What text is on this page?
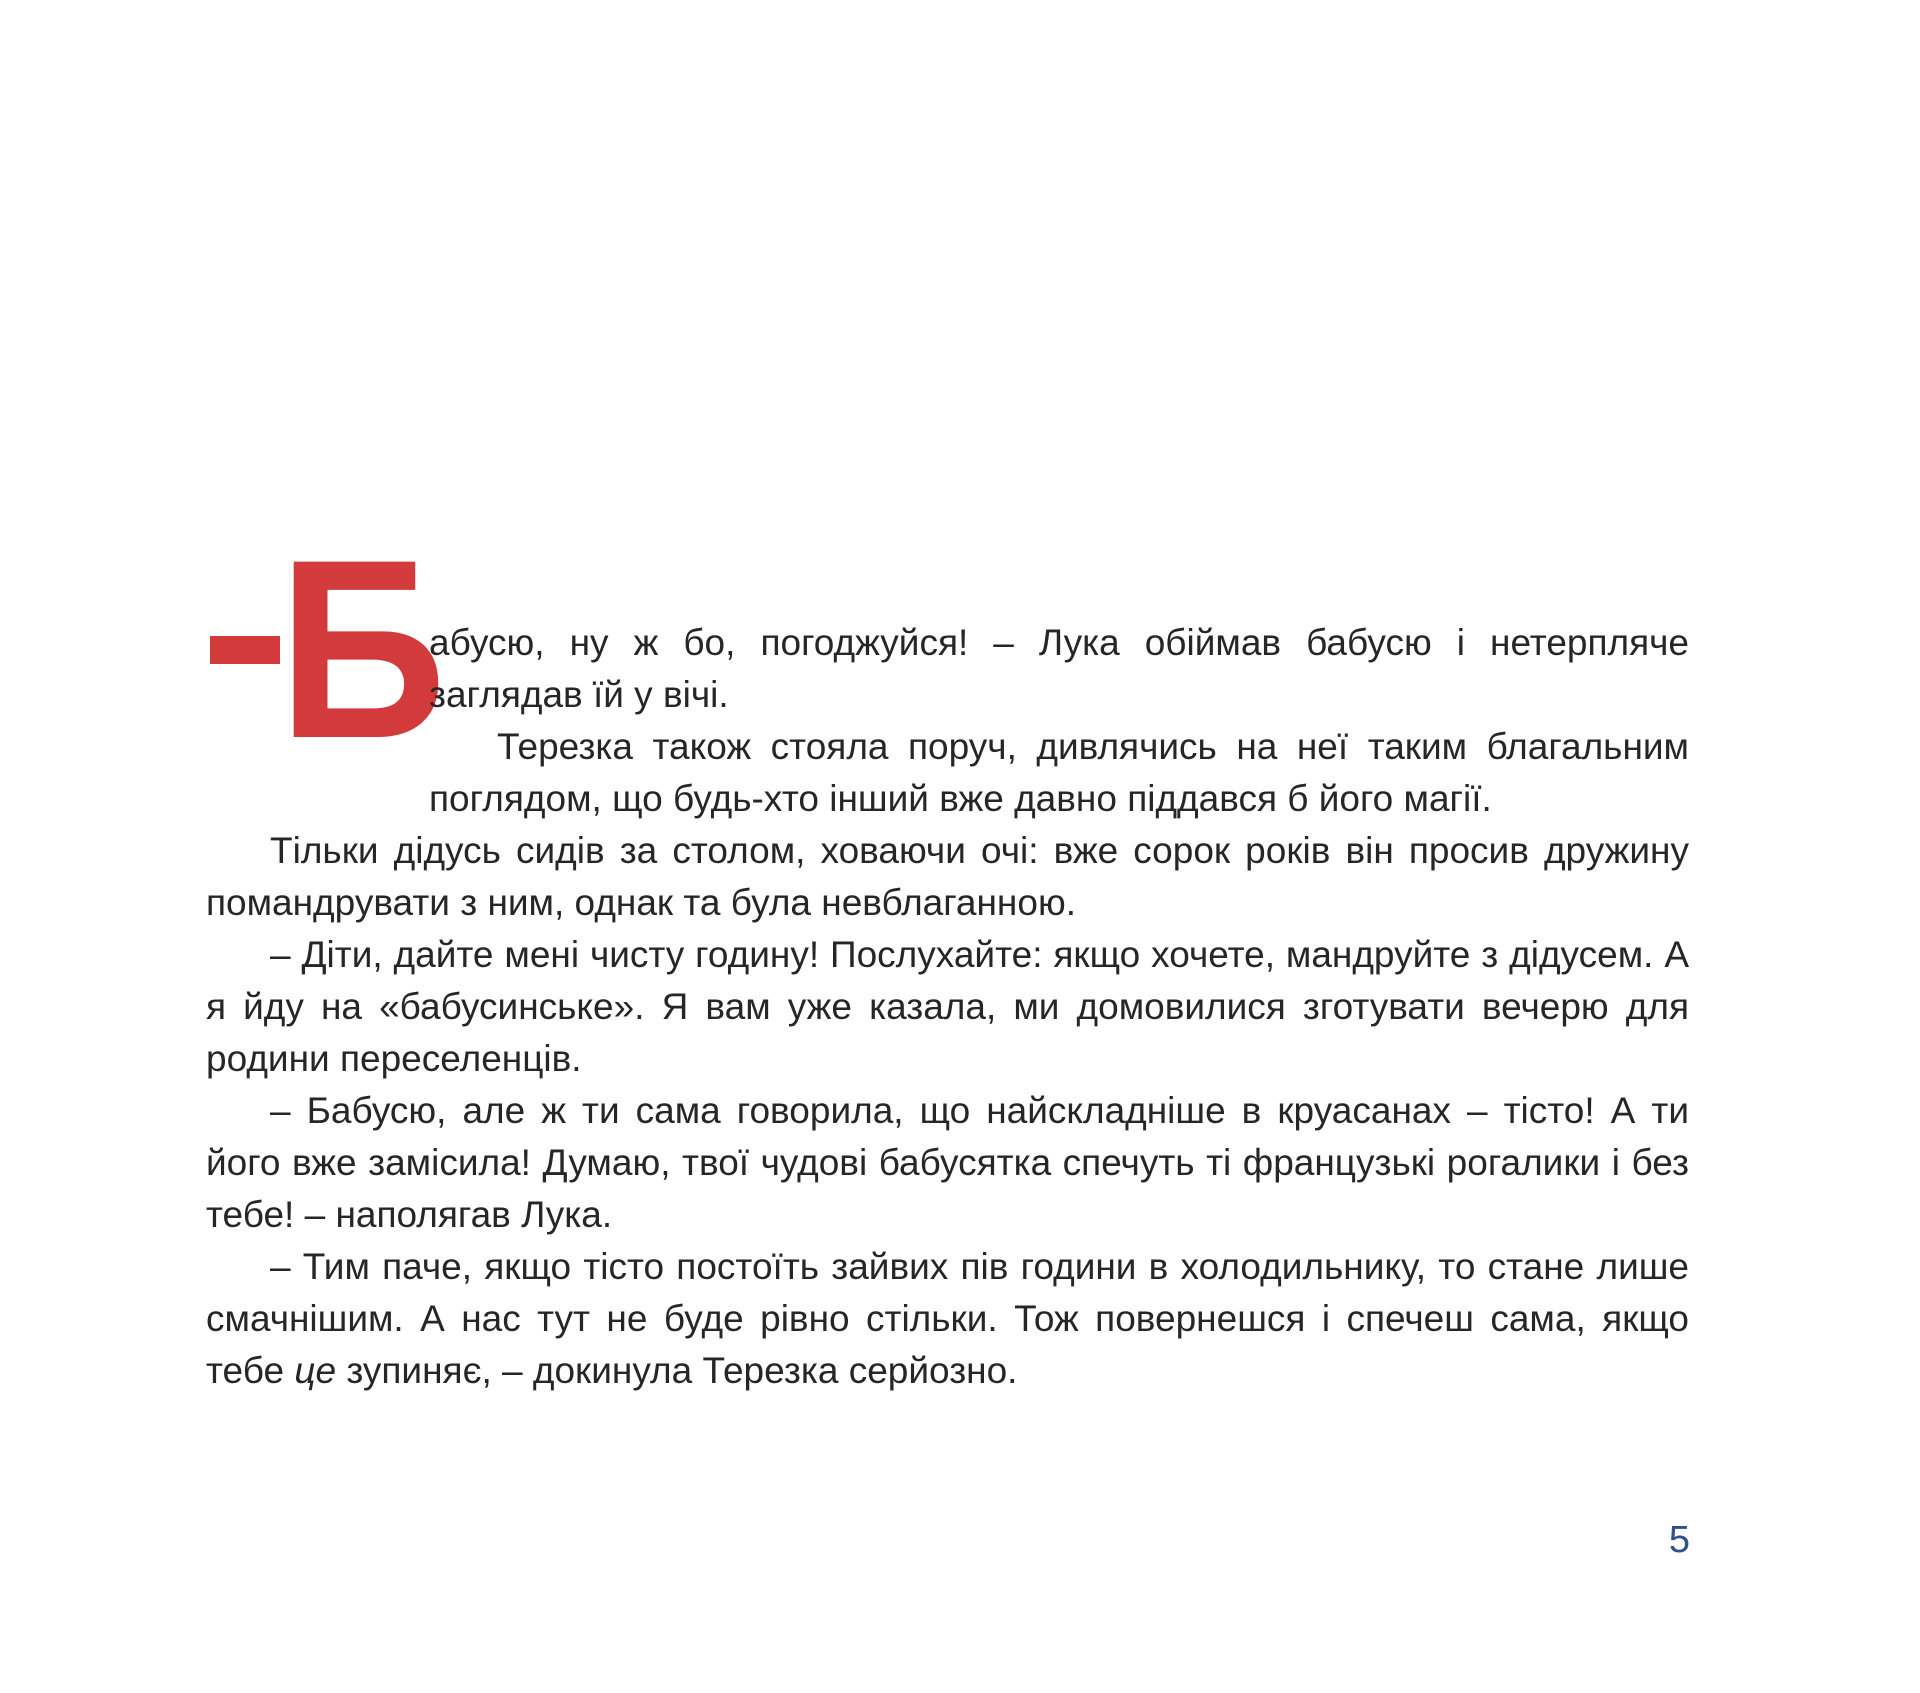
Б

абусю, ну ж бо, погоджуйся! – Лука обіймав бабусю і нетерпляче заглядав їй у вічі.

Терезка також стояла поруч, дивлячись на неї таким благальним поглядом, що будь-хто інший вже давно піддався б його магії.

Тільки дідусь сидів за столом, ховаючи очі: вже сорок років він просив дружину помандрувати з ним, однак та була невблаганною.

– Діти, дайте мені чисту годину! Послухайте: якщо хочете, мандруйте з дідусем. А я йду на «бабусинське». Я вам уже казала, ми домовилися зготувати вечерю для родини переселенців.

– Бабусю, але ж ти сама говорила, що найскладніше в круасанах – тісто! А ти його вже замісила! Думаю, твої чудові бабусятка спечуть ті французькі рогалики і без тебе! – наполягав Лука.

– Тим паче, якщо тісто постоїть зайвих пів години в холодильнику, то стане лише смачнішим. А нас тут не буде рівно стільки. Тож повернешся і спечеш сама, якщо тебе це зупиняє, – докинула Терезка серйозно.

5
